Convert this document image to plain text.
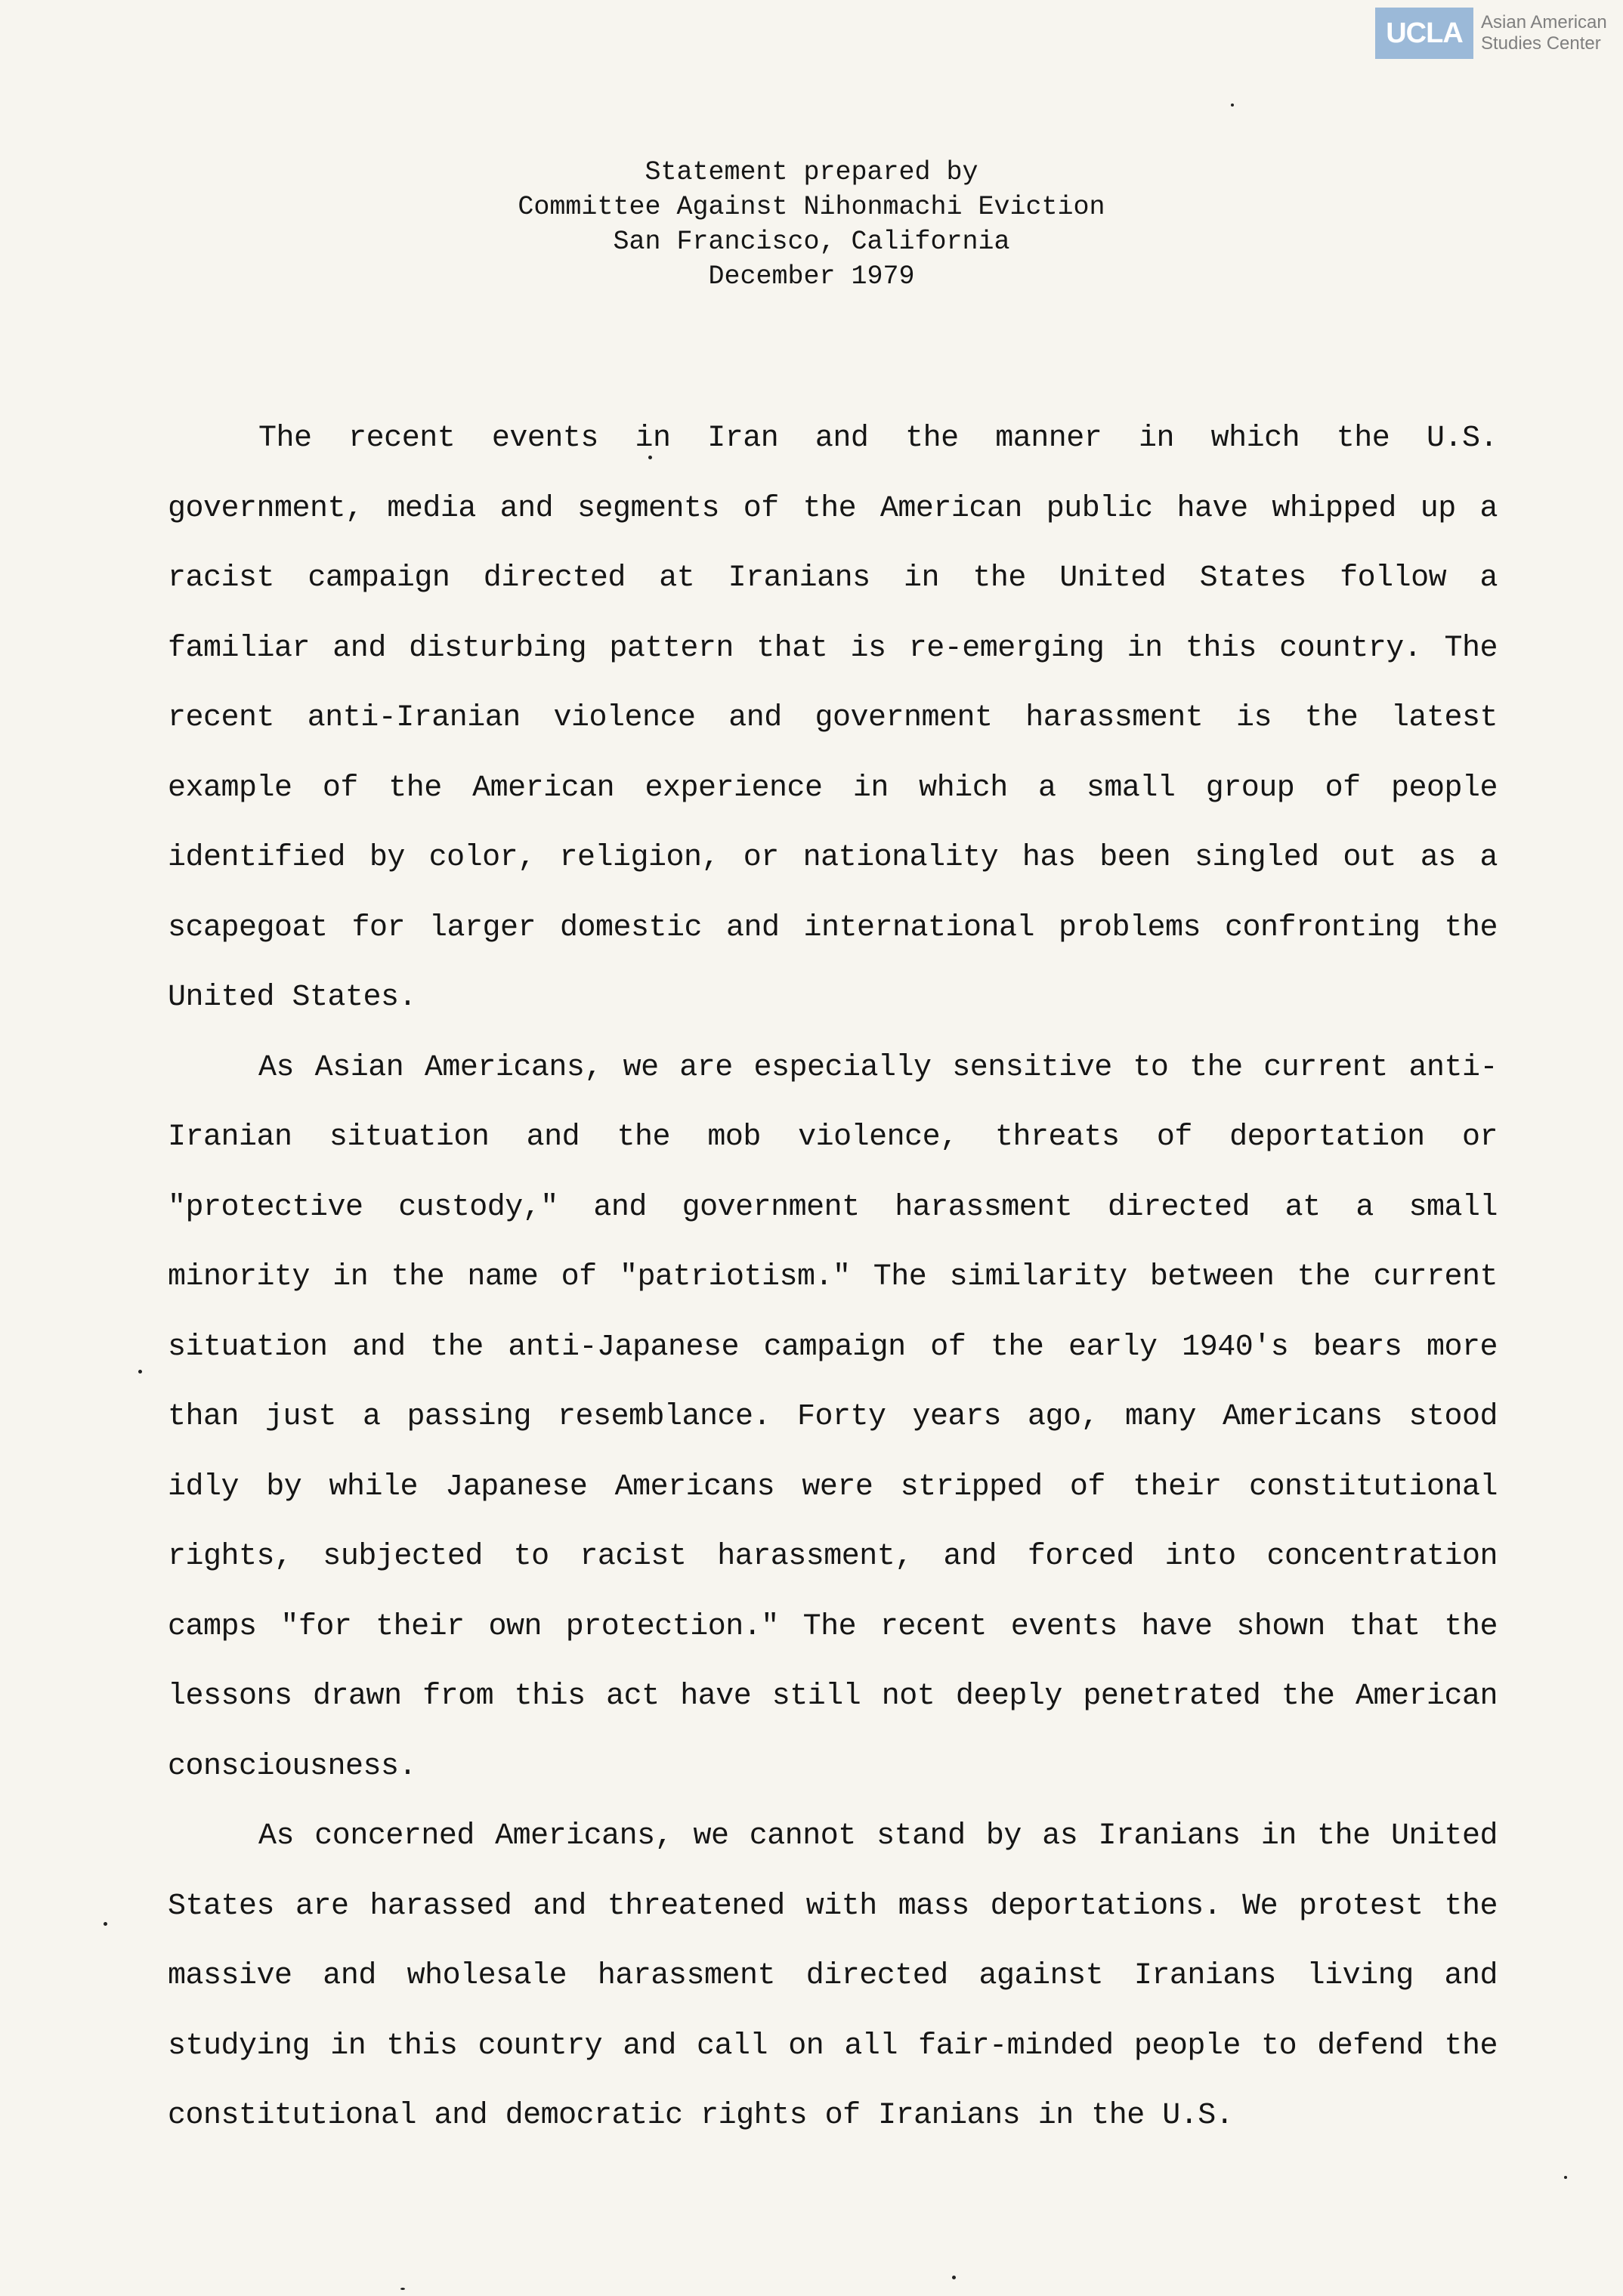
UCLA	Asian American
Studies Center
Statement prepared by
Committee Against Nihonmachi Eviction
San Francisco, California
December 1979

The recent events in Iran and the manner in which the U.S. government, media and segments of the American public have whipped up a racist campaign directed at Iranians in the United States follow a familiar and disturbing pattern that is re-emerging in this country. The recent anti-Iranian violence and government harassment is the latest example of the American experience in which a small group of people identified by color, religion, or nationality has been singled out as a scapegoat for larger domestic and international problems confronting the United States.

As Asian Americans, we are especially sensitive to the current anti-Iranian situation and the mob violence, threats of deportation or "protective custody," and government harassment directed at a small minority in the name of "patriotism." The similarity between the current situation and the anti-Japanese campaign of the early 1940's bears more than just a passing resemblance. Forty years ago, many Americans stood idly by while Japanese Americans were stripped of their constitutional rights, subjected to racist harassment, and forced into concentration camps "for their own protection." The recent events have shown that the lessons drawn from this act have still not deeply penetrated the American consciousness.

As concerned Americans, we cannot stand by as Iranians in the United States are harassed and threatened with mass deportations. We protest the massive and wholesale harassment directed against Iranians living and studying in this country and call on all fair-minded people to defend the constitutional and democratic rights of Iranians in the U.S.
